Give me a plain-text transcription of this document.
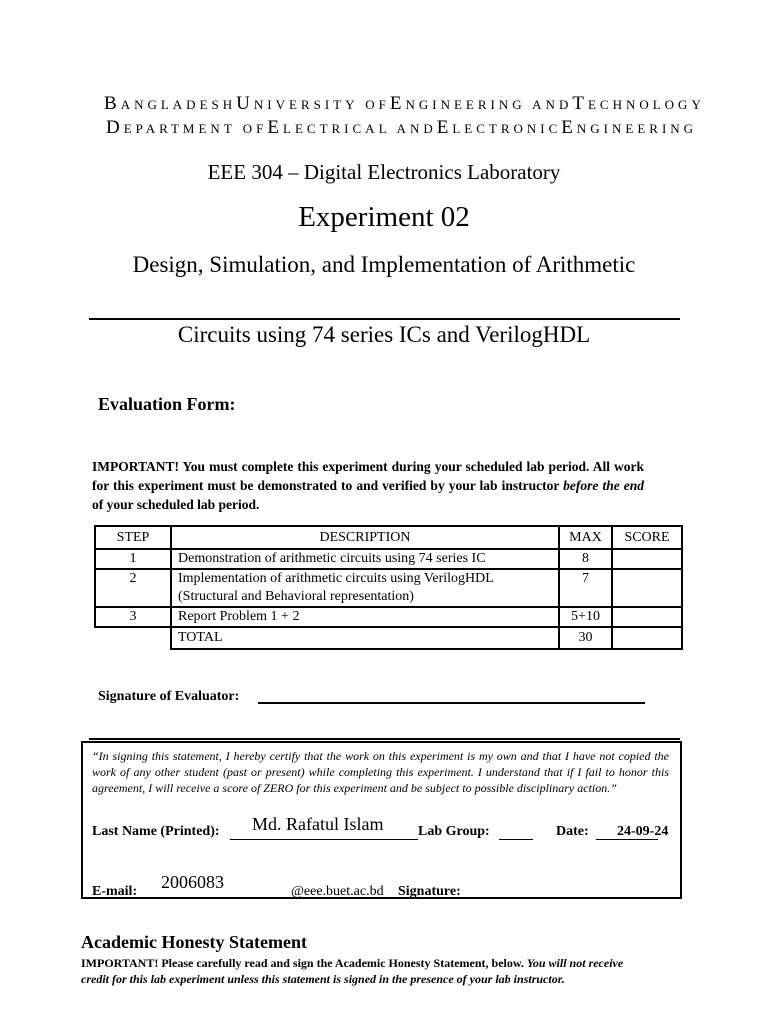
BANGLADESHUNIVERSITY OFENGINEERING ANDTECHNOLOGY
DEPARTMENT OFELECTRICAL ANDELECTRONICENGINEERING
EEE 304 – Digital Electronics Laboratory
Experiment 02
Design, Simulation, and Implementation of Arithmetic
Circuits using 74 series ICs and VerilogHDL
Evaluation Form:
IMPORTANT! You must complete this experiment during your scheduled lab period. All work for this experiment must be demonstrated to and verified by your lab instructor before the end of your scheduled lab period.
STEP	DESCRIPTION	MAX	SCORE
1	Demonstration of arithmetic circuits using 74 series IC	8	
2	Implementation of arithmetic circuits using VerilogHDL
(Structural and Behavioral representation)	7	
3	Report Problem 1 + 2	5+10	
	TOTAL	30	
Signature of Evaluator:
“In signing this statement, I hereby certify that the work on this experiment is my own and that I have not copied the work of any other student (past or present) while completing this experiment. I understand that if I fail to honor this agreement, I will receive a score of ZERO for this experiment and be subject to possible disciplinary action.”
Last Name (Printed): Md. Rafatul Islam Lab Group:	Date: 24-09-24
E-mail: 2006083	@eee.buet.ac.bd Signature:
Academic Honesty Statement
IMPORTANT! Please carefully read and sign the Academic Honesty Statement, below. You will not receive credit for this lab experiment unless this statement is signed in the presence of your lab instructor.
